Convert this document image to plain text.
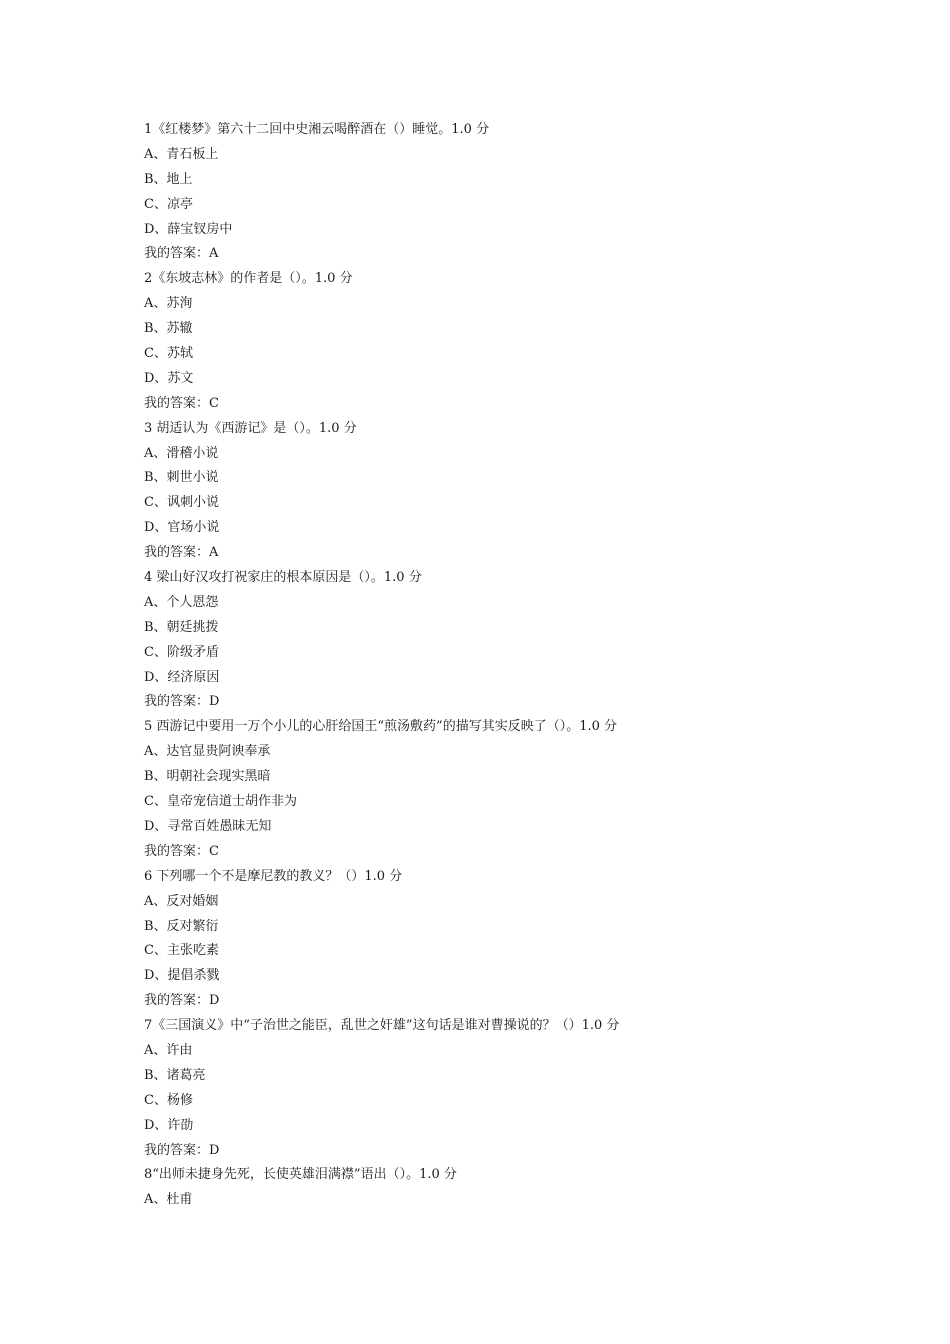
1《红楼梦》第六十二回中史湘云喝醉酒在（）睡觉。1.0 分
A、青石板上
B、地上
C、凉亭
D、薛宝钗房中
我的答案：A
2《东坡志林》的作者是（）。1.0 分
A、苏洵
B、苏辙
C、苏轼
D、苏文
我的答案：C
3 胡适认为《西游记》是（）。1.0 分
A、滑稽小说
B、刺世小说
C、讽刺小说
D、官场小说
我的答案：A
4 梁山好汉攻打祝家庄的根本原因是（）。1.0 分
A、个人恩怨
B、朝廷挑拨
C、阶级矛盾
D、经济原因
我的答案：D
5 西游记中要用一万个小儿的心肝给国王“煎汤敷药”的描写其实反映了（）。1.0 分
A、达官显贵阿谀奉承
B、明朝社会现实黑暗
C、皇帝宠信道士胡作非为
D、寻常百姓愚昧无知
我的答案：C
6 下列哪一个不是摩尼教的教义？（）1.0 分
A、反对婚姻
B、反对繁衍
C、主张吃素
D、提倡杀戮
我的答案：D
7《三国演义》中“子治世之能臣，乱世之奸雄”这句话是谁对曹操说的？（）1.0 分
A、许由
B、诸葛亮
C、杨修
D、许劭
我的答案：D
8“出师未捷身先死，长使英雄泪满襟”语出（）。1.0 分
A、杜甫
